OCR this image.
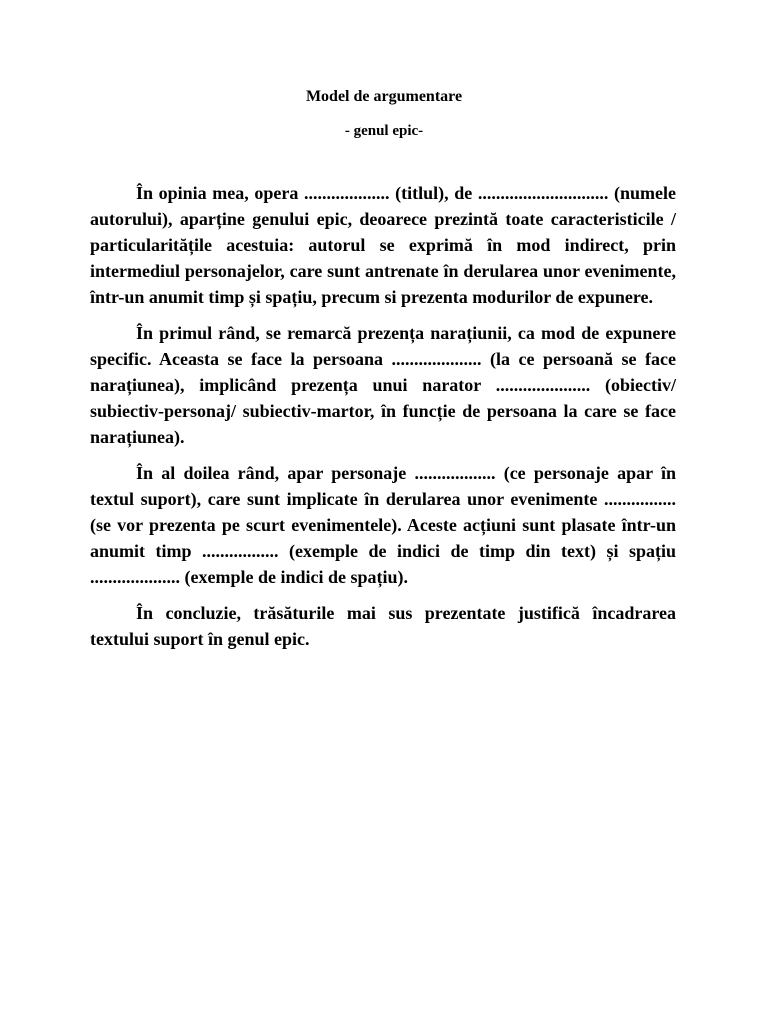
Model de argumentare
- genul epic-

În opinia mea, opera ................... (titlul), de ............................. (numele autorului), aparține genului epic, deoarece prezintă toate caracteristicile / particularitățile acestuia: autorul se exprimă în mod indirect, prin intermediul personajelor, care sunt antrenate în derularea unor evenimente, într-un anumit timp și spațiu, precum si prezenta modurilor de expunere.

În primul rând, se remarcă prezența narațiunii, ca mod de expunere specific. Aceasta se face la persoana .................... (la ce persoană se face narațiunea), implicând prezența unui narator ..................... (obiectiv/ subiectiv-personaj/ subiectiv-martor, în funcție de persoana la care se face narațiunea).

În al doilea rând, apar personaje .................. (ce personaje apar în textul suport), care sunt implicate în derularea unor evenimente ................ (se vor prezenta pe scurt evenimentele). Aceste acțiuni sunt plasate într-un anumit timp ................. (exemple de indici de timp din text) și spațiu .................... (exemple de indici de spațiu).

În concluzie, trăsăturile mai sus prezentate justifică încadrarea textului suport în genul epic.
